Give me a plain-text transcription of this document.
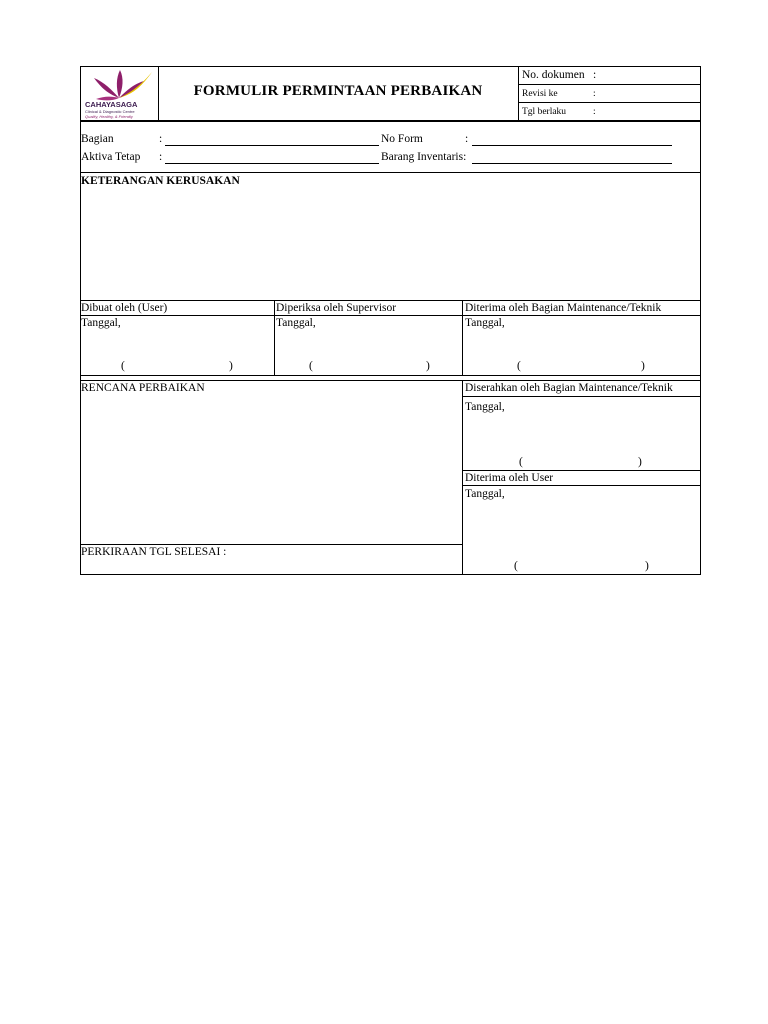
CAHAYASAGA
Clinical & Diagnostic Centre
Quality, Healthy, & Friendly
FORMULIR PERMINTAAN PERBAIKAN
No. dokumen :
Revisi ke	:
Tgl berlaku	:
Bagian	:	No Form	:
Aktiva Tetap :	Barang Inventaris:
KETERANGAN KERUSAKAN
Dibuat oleh (User)
Tanggal,
(	)
Diperiksa oleh Supervisor
Tanggal,
(	)
Diterima oleh Bagian Maintenance/Teknik
Tanggal,
(	)
RENCANA PERBAIKAN
PERKIRAAN TGL SELESAI :
Diserahkan oleh Bagian Maintenance/Teknik
Tanggal,
(	)
Diterima oleh User
Tanggal,
(	)
